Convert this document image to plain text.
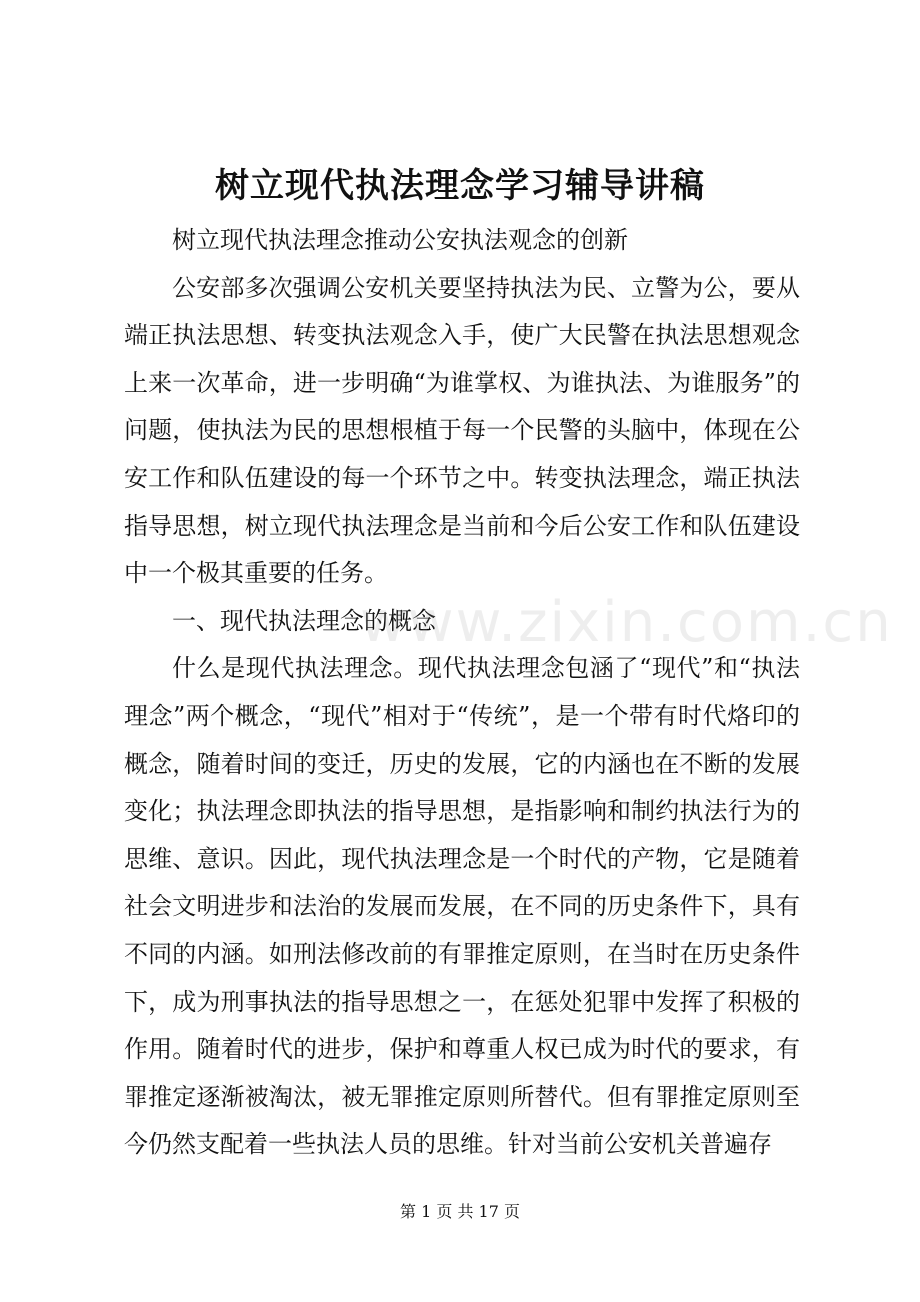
树立现代执法理念学习辅导讲稿

树立现代执法理念推动公安执法观念的创新

公安部多次强调公安机关要坚持执法为民、立警为公，要从端正执法思想、转变执法观念入手，使广大民警在执法思想观念上来一次革命，进一步明确“为谁掌权、为谁执法、为谁服务”的问题，使执法为民的思想根植于每一个民警的头脑中，体现在公安工作和队伍建设的每一个环节之中。转变执法理念，端正执法指导思想，树立现代执法理念是当前和今后公安工作和队伍建设中一个极其重要的任务。

一、现代执法理念的概念

什么是现代执法理念。现代执法理念包涵了“现代”和“执法理念”两个概念，“现代”相对于“传统”，是一个带有时代烙印的概念，随着时间的变迁，历史的发展，它的内涵也在不断的发展变化；执法理念即执法的指导思想，是指影响和制约执法行为的思维、意识。因此，现代执法理念是一个时代的产物，它是随着社会文明进步和法治的发展而发展，在不同的历史条件下，具有不同的内涵。如刑法修改前的有罪推定原则，在当时在历史条件下，成为刑事执法的指导思想之一，在惩处犯罪中发挥了积极的作用。随着时代的进步，保护和尊重人权已成为时代的要求，有罪推定逐渐被淘汰，被无罪推定原则所替代。但有罪推定原则至今仍然支配着一些执法人员的思维。针对当前公安机关普遍存

www.zixin.com.cn
第 1 页 共 17 页
